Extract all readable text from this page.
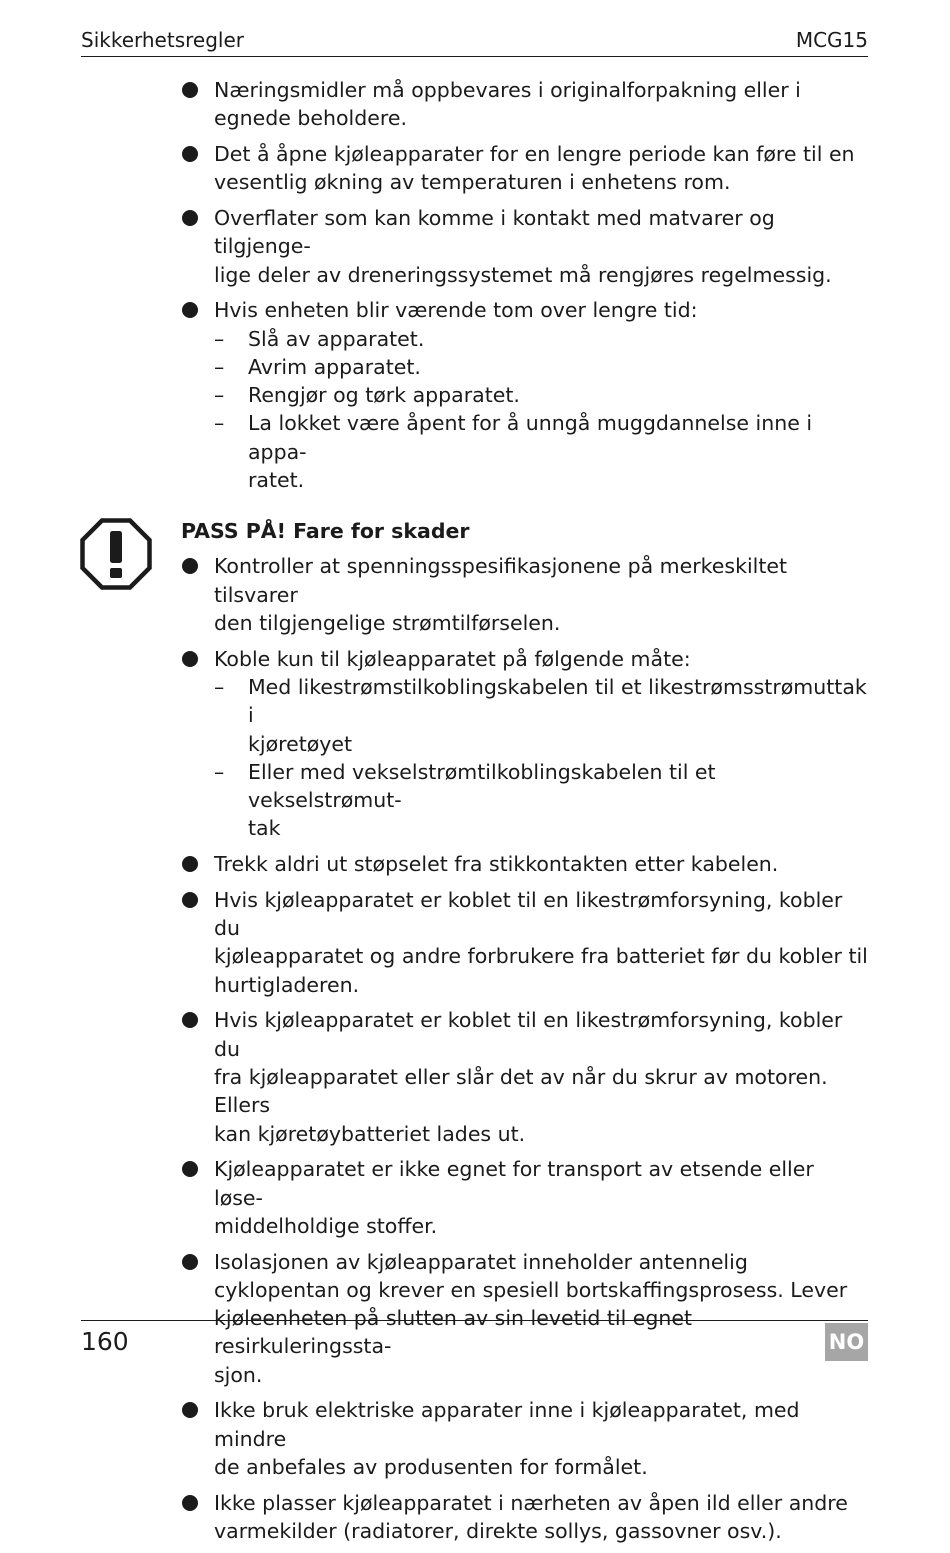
Sikkerhetsregler	MCG15
Næringsmidler må oppbevares i originalforpakning eller i
egnede beholdere.
Det å åpne kjøleapparater for en lengre periode kan føre til en
vesentlig økning av temperaturen i enhetens rom.
Overflater som kan komme i kontakt med matvarer og tilgjenge-
lige deler av dreneringssystemet må rengjøres regelmessig.
Hvis enheten blir værende tom over lengre tid:
– Slå av apparatet.
– Avrim apparatet.
– Rengjør og tørk apparatet.
– La lokket være åpent for å unngå muggdannelse inne i appa-
ratet.
PASS PÅ! Fare for skader
Kontroller at spenningsspesifikasjonene på merkeskiltet tilsvarer
den tilgjengelige strømtilførselen.
Koble kun til kjøleapparatet på følgende måte:
– Med likestrømstilkoblingskabelen til et likestrømsstrømuttak i
kjøretøyet
– Eller med vekselstrømtilkoblingskabelen til et vekselstrømut-
tak
Trekk aldri ut støpselet fra stikkontakten etter kabelen.
Hvis kjøleapparatet er koblet til en likestrømforsyning, kobler du
kjøleapparatet og andre forbrukere fra batteriet før du kobler til
hurtigladeren.
Hvis kjøleapparatet er koblet til en likestrømforsyning, kobler du
fra kjøleapparatet eller slår det av når du skrur av motoren. Ellers
kan kjøretøybatteriet lades ut.
Kjøleapparatet er ikke egnet for transport av etsende eller løse-
middelholdige stoffer.
Isolasjonen av kjøleapparatet inneholder antennelig
cyklopentan og krever en spesiell bortskaffingsprosess. Lever
kjøleenheten på slutten av sin levetid til egnet resirkuleringssta-
sjon.
Ikke bruk elektriske apparater inne i kjøleapparatet, med mindre
de anbefales av produsenten for formålet.
Ikke plasser kjøleapparatet i nærheten av åpen ild eller andre
varmekilder (radiatorer, direkte sollys, gassovner osv.).
160	NO
